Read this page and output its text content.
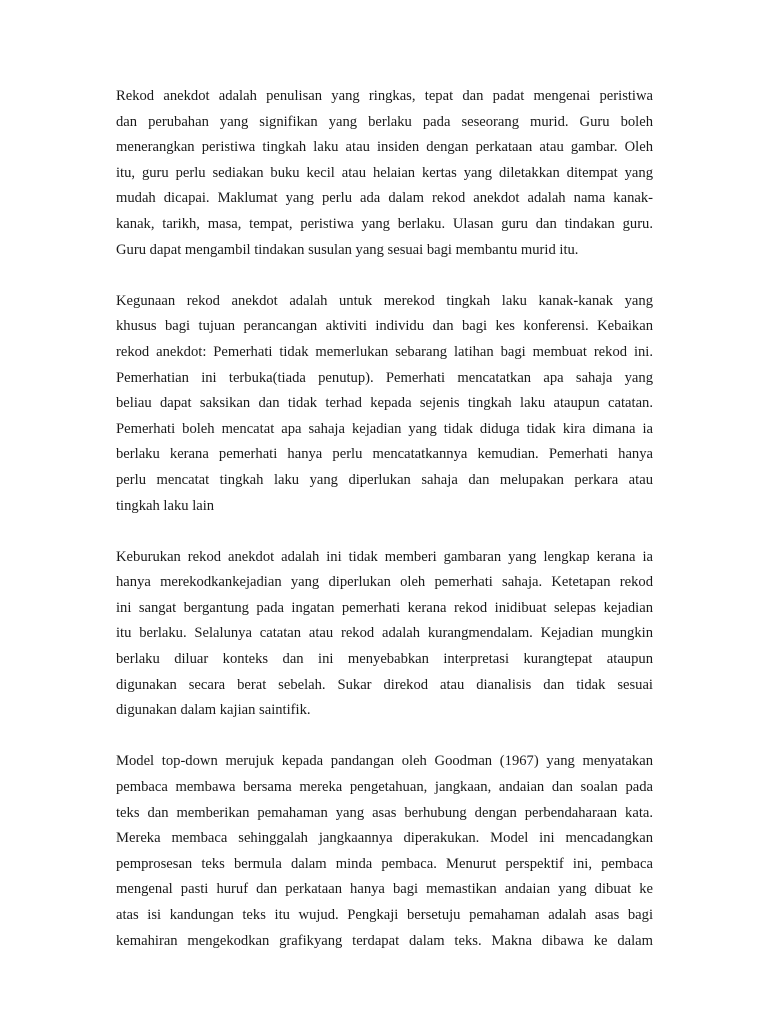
Rekod anekdot adalah penulisan yang ringkas, tepat dan padat mengenai peristiwa
dan perubahan yang signifikan yang berlaku pada seseorang murid. Guru boleh
menerangkan peristiwa tingkah laku atau insiden dengan perkataan atau gambar. Oleh
itu, guru perlu sediakan buku kecil atau helaian kertas yang diletakkan ditempat yang
mudah dicapai. Maklumat yang perlu ada dalam rekod anekdot adalah nama kanak-
kanak, tarikh, masa, tempat, peristiwa yang berlaku. Ulasan guru dan tindakan guru.
Guru dapat mengambil tindakan susulan yang sesuai bagi membantu murid itu.
Kegunaan rekod anekdot adalah untuk merekod tingkah laku kanak-kanak yang
khusus bagi tujuan perancangan aktiviti individu dan bagi kes konferensi. Kebaikan
rekod anekdot: Pemerhati tidak memerlukan sebarang latihan bagi membuat rekod ini.
Pemerhatian ini terbuka(tiada penutup). Pemerhati mencatatkan apa sahaja yang
beliau dapat saksikan dan tidak terhad kepada sejenis tingkah laku ataupun catatan.
Pemerhati boleh mencatat apa sahaja kejadian yang tidak diduga tidak kira dimana ia
berlaku kerana pemerhati hanya perlu mencatatkannya kemudian. Pemerhati hanya
perlu mencatat tingkah laku yang diperlukan sahaja dan melupakan perkara atau
tingkah laku lain
Keburukan rekod anekdot adalah ini tidak memberi gambaran yang lengkap kerana ia
hanya merekodkankejadian yang diperlukan oleh pemerhati sahaja. Ketetapan rekod
ini sangat bergantung pada ingatan pemerhati kerana rekod inidibuat selepas kejadian
itu berlaku. Selalunya catatan atau rekod adalah kurangmendalam. Kejadian mungkin
berlaku diluar konteks dan ini menyebabkan interpretasi kurangtepat ataupun
digunakan secara berat sebelah. Sukar direkod atau dianalisis dan tidak sesuai
digunakan dalam kajian saintifik.
Model top-down merujuk kepada pandangan oleh Goodman (1967) yang menyatakan
pembaca membawa bersama mereka pengetahuan, jangkaan, andaian dan soalan pada
teks dan memberikan pemahaman yang asas berhubung dengan perbendaharaan kata.
Mereka membaca sehinggalah jangkaannya diperakukan. Model ini mencadangkan
pemprosesan teks bermula dalam minda pembaca. Menurut perspektif ini, pembaca
mengenal pasti huruf dan perkataan hanya bagi memastikan andaian yang dibuat ke
atas isi kandungan teks itu wujud. Pengkaji bersetuju pemahaman adalah asas bagi
kemahiran mengekodkan grafikyang terdapat dalam teks. Makna dibawa ke dalam
